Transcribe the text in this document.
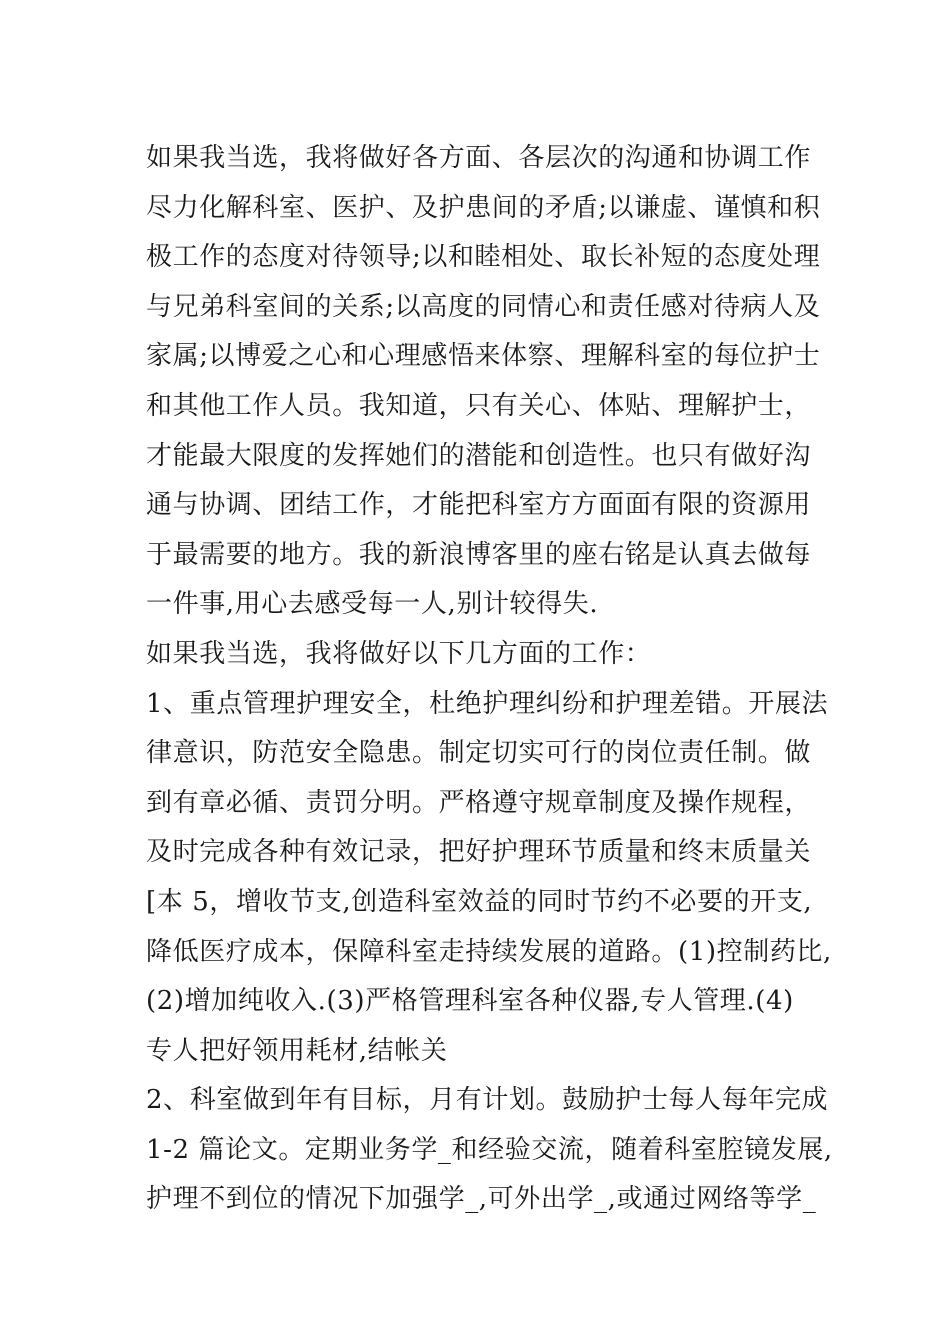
如果我当选，我将做好各方面、各层次的沟通和协调工作
尽力化解科室、医护、及护患间的矛盾;以谦虚、谨慎和积
极工作的态度对待领导;以和睦相处、取长补短的态度处理
与兄弟科室间的关系;以高度的同情心和责任感对待病人及
家属;以博爱之心和心理感悟来体察、理解科室的每位护士
和其他工作人员。我知道，只有关心、体贴、理解护士，
才能最大限度的发挥她们的潜能和创造性。也只有做好沟
通与协调、团结工作，才能把科室方方面面有限的资源用
于最需要的地方。我的新浪博客里的座右铭是认真去做每
一件事,用心去感受每一人,别计较得失.
如果我当选，我将做好以下几方面的工作：
1、重点管理护理安全，杜绝护理纠纷和护理差错。开展法
律意识，防范安全隐患。制定切实可行的岗位责任制。做
到有章必循、责罚分明。严格遵守规章制度及操作规程，
及时完成各种有效记录，把好护理环节质量和终末质量关
[本 5，增收节支,创造科室效益的同时节约不必要的开支,
降低医疗成本，保障科室走持续发展的道路。(1)控制药比,
(2)增加纯收入.(3)严格管理科室各种仪器,专人管理.(4)
专人把好领用耗材,结帐关
2、科室做到年有目标，月有计划。鼓励护士每人每年完成
1-2 篇论文。定期业务学_和经验交流，随着科室腔镜发展,
护理不到位的情况下加强学_,可外出学_,或通过网络等学_
